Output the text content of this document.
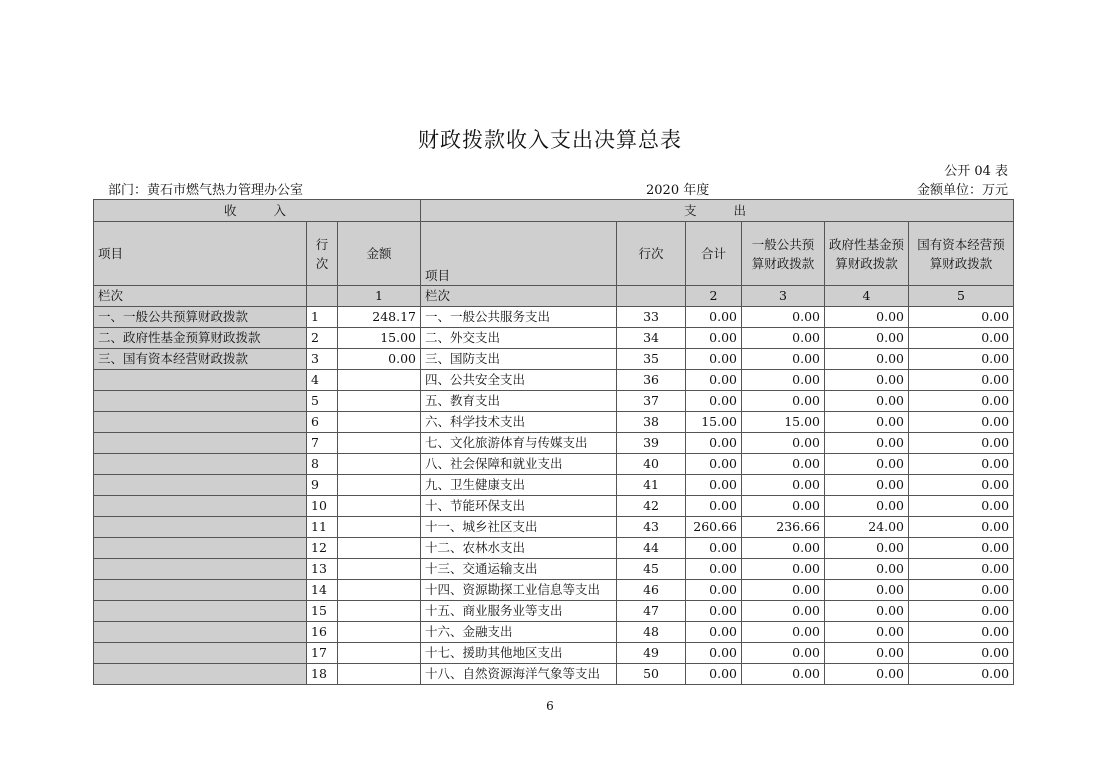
财政拨款收入支出决算总表
公开 04 表
部门：黄石市燃气热力管理办公室	2020 年度	金额单位：万元
收　　入			支　　出					
项目	行次	金额	项目	行次	合计	一般公共预算财政拨款	政府性基金预算财政拨款	国有资本经营预算财政拨款
栏次		1	栏次		2	3	4	5
一、一般公共预算财政拨款	1	248.17	一、一般公共服务支出	33	0.00	0.00	0.00	0.00
二、政府性基金预算财政拨款	2	15.00	二、外交支出	34	0.00	0.00	0.00	0.00
三、国有资本经营财政拨款	3	0.00	三、国防支出	35	0.00	0.00	0.00	0.00
	4		四、公共安全支出	36	0.00	0.00	0.00	0.00
	5		五、教育支出	37	0.00	0.00	0.00	0.00
	6		六、科学技术支出	38	15.00	15.00	0.00	0.00
	7		七、文化旅游体育与传媒支出	39	0.00	0.00	0.00	0.00
	8		八、社会保障和就业支出	40	0.00	0.00	0.00	0.00
	9		九、卫生健康支出	41	0.00	0.00	0.00	0.00
	10		十、节能环保支出	42	0.00	0.00	0.00	0.00
	11		十一、城乡社区支出	43	260.66	236.66	24.00	0.00
	12		十二、农林水支出	44	0.00	0.00	0.00	0.00
	13		十三、交通运输支出	45	0.00	0.00	0.00	0.00
	14		十四、资源勘探工业信息等支出	46	0.00	0.00	0.00	0.00
	15		十五、商业服务业等支出	47	0.00	0.00	0.00	0.00
	16		十六、金融支出	48	0.00	0.00	0.00	0.00
	17		十七、援助其他地区支出	49	0.00	0.00	0.00	0.00
	18		十八、自然资源海洋气象等支出	50	0.00	0.00	0.00	0.00
6
